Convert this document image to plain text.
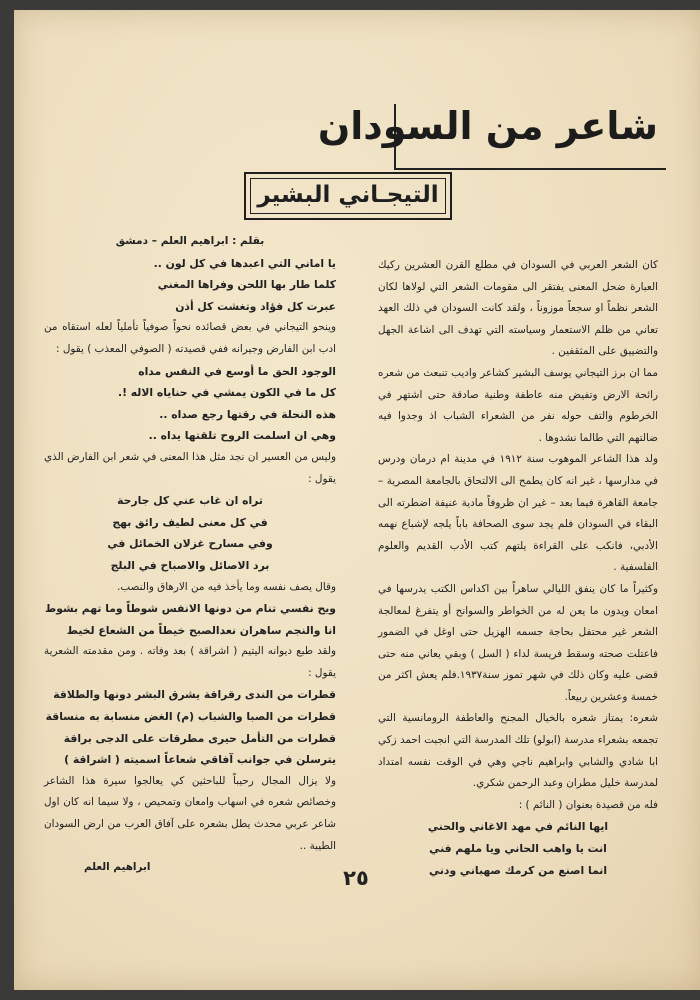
شاعر من السودان
التيجـاني البشير

كان الشعر العربي في السودان في مطلع القرن العشرين ركيك العبارة ضحل المعنى يفتقر الى مقومات الشعر التي لولاها لكان الشعر نظماً او سجعاً موزوناً ، ولقد كانت السودان في ذلك العهد تعاني من ظلم الاستعمار وسياسته التي تهدف الى اشاعة الجهل والتضييق على المثقفين .

مما ان برز التيجاني يوسف البشير كشاعر واديب تنبعث من شعره رائحة الارض وتفيض منه عاطفة وطنية صادقة حتى اشتهر في الخرطوم والتف حوله نفر من الشعراء الشباب اذ وجدوا فيه ضالتهم التي طالما نشدوها .

ولد هذا الشاعر الموهوب سنة ١٩١٢ في مدينة ام درمان ودرس في مدارسها ، غير انه كان يطمح الى الالتحاق بالجامعة المصرية – جامعة القاهرة فيما بعد – غير ان ظروفاً مادية عنيفة اضطرته الى البقاء في السودان فلم يجد سوى الصحافة باباً يلجه لإشباع نهمه الأدبي، فانكب على القراءة يلتهم كتب الأدب القديم والعلوم الفلسفية .

وكثيراً ما كان ينفق الليالي ساهراً بين اكداس الكتب يدرسها في امعان ويدون ما يعن له من الخواطر والسوانح أو يتفرغ لمعالجة الشعر غير محتفل بحاجة جسمه الهزيل حتى اوغل في الضمور فاعتلت صحته وسقط فريسة لداء ( السل ) وبقي يعاني منه حتى قضى عليه وكان ذلك في شهر تموز سنة١٩٣٧.فلم يعش اكثر من خمسة وعشرين ربيعاً.

شعره: يمتاز شعره بالخيال المجنح والعاطفة الرومانسية التي تجمعه بشعراء مدرسة (ابولو) تلك المدرسة التي انجبت احمد زكي ابا شادي والشابي وابراهيم ناجي وهي في الوقت نفسه امتداد لمدرسة خليل مطران وعبد الرحمن شكري.

فله من قصيدة بعنوان ( النائم ) :

ايها النائم في مهد الاغاني والحني

انت يا واهب الحاني ويا ملهم فني

انما اصنع من كرمك صهباني ودني

بقلم : ابراهيم العلم – دمشق

يا اماني التي اعبدها في كل لون ..

كلما طار بها اللحن وفراها المغني

عبرت كل فؤاد وتغشت كل أذن

وينحو التيجاني في بعض قصائده نحواً صوفياً تأملياً لعله استقاه من ادب ابن الفارض وجيرانه ففي قصيدته ( الصوفي المعذب ) يقول :

الوجود الحق ما أوسع في النفس مداه

كل ما في الكون يمشي في حناياه الاله !.

هذه النحلة في رقتها رجع صداه ..

وهي ان اسلمت الروح تلقتها يداه ..

وليس من العسير ان نجد مثل هذا المعنى في شعر ابن الفارض الذي يقول :

تراه ان غاب عني كل جارحة

في كل معنى لطيف رائق بهج

وفي مسارح غزلان الخمائل في

برد الاصائل والاصباح في البلج

وقال يصف نفسه وما يأخذ فيه من الارهاق والنصب.

ويح نفسي تنام من دونها الانفس شوطاً وما تهم بشوط

انا والنجم ساهران نعدالصبح خيطاً من الشعاع لخيط

ولقد طبع ديوانه اليتيم ( اشراقة ) بعد وفاته . ومن مقدمته الشعرية يقول :

قطرات من الندى رقراقة يشرق البشر دونها والطلاقة

قطرات من الصبا والشباب (م) الغض منسابة به منساقة

قطرات من التأمل حيرى مطرقات على الدجى براقة

يترسلن في جوانب آفاقي شعاعاً اسميته ( اشراقة )

ولا يزال المجال رحيباً للباحثين كي يعالجوا سيرة هذا الشاعر وخصائص شعره في اسهاب وامعان وتمحيص ، ولا سيما انه كان اول شاعر عربي محدث يطل بشعره على آفاق العرب من ارض السودان الطيبة ..

ابراهيم العلم	٢٥
